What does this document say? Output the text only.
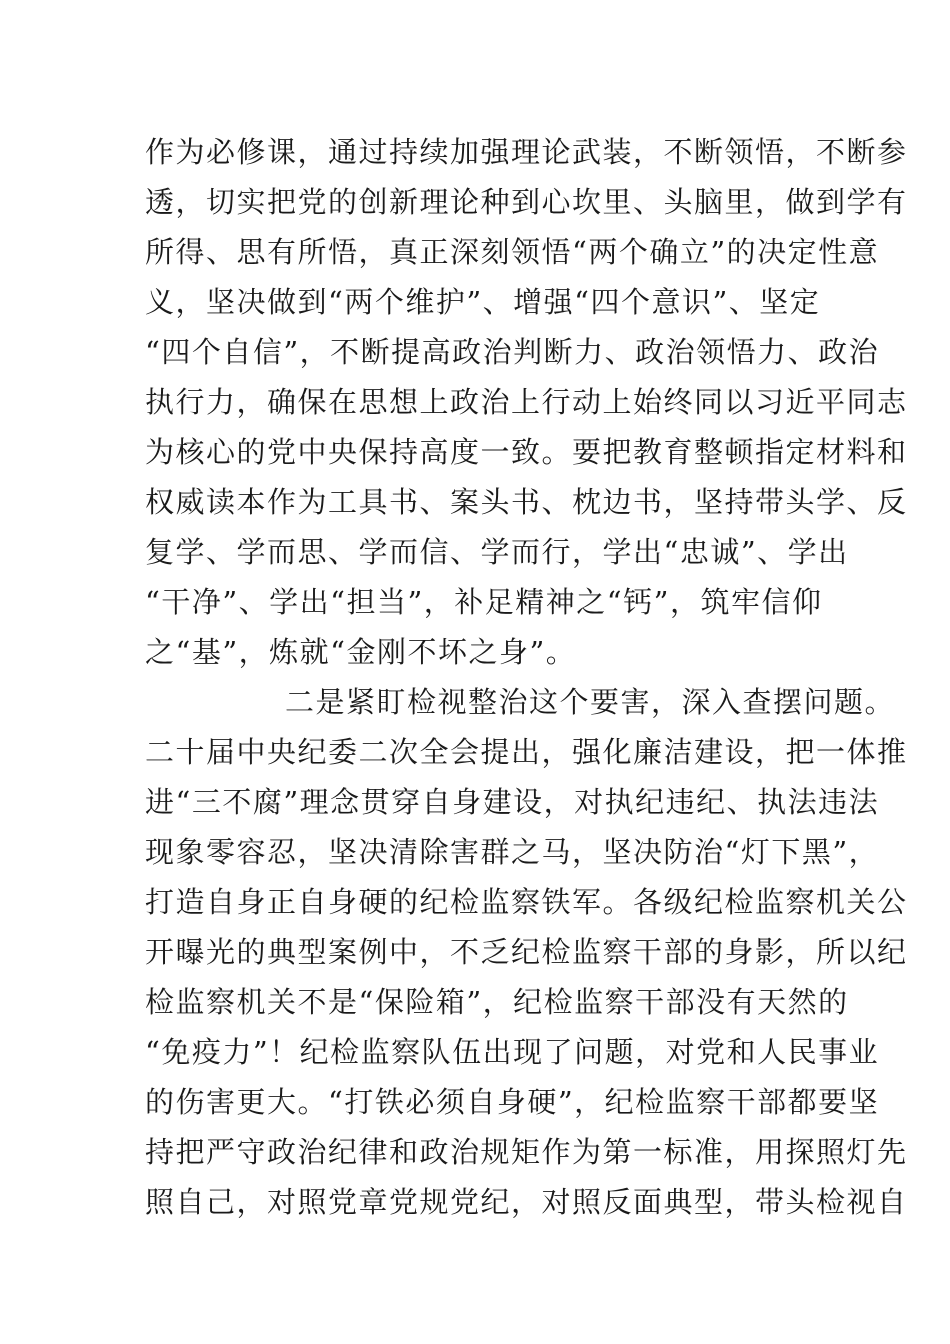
作为必修课，通过持续加强理论武装，不断领悟，不断参
透，切实把党的创新理论种到心坎里、头脑里，做到学有
所得、思有所悟，真正深刻领悟“两个确立”的决定性意
义，坚决做到“两个维护”、增强“四个意识”、坚定
“四个自信”，不断提高政治判断力、政治领悟力、政治
执行力，确保在思想上政治上行动上始终同以习近平同志
为核心的党中央保持高度一致。要把教育整顿指定材料和
权威读本作为工具书、案头书、枕边书，坚持带头学、反
复学、学而思、学而信、学而行，学出“忠诚”、学出
“干净”、学出“担当”，补足精神之“钙”，筑牢信仰
之“基”，炼就“金刚不坏之身”。
二是紧盯检视整治这个要害，深入查摆问题。
二十届中央纪委二次全会提出，强化廉洁建设，把一体推
进“三不腐”理念贯穿自身建设，对执纪违纪、执法违法
现象零容忍，坚决清除害群之马，坚决防治“灯下黑”，
打造自身正自身硬的纪检监察铁军。各级纪检监察机关公
开曝光的典型案例中，不乏纪检监察干部的身影，所以纪
检监察机关不是“保险箱”，纪检监察干部没有天然的
“免疫力”！纪检监察队伍出现了问题，对党和人民事业
的伤害更大。“打铁必须自身硬”，纪检监察干部都要坚
持把严守政治纪律和政治规矩作为第一标准，用探照灯先
照自己，对照党章党规党纪，对照反面典型，带头检视自
